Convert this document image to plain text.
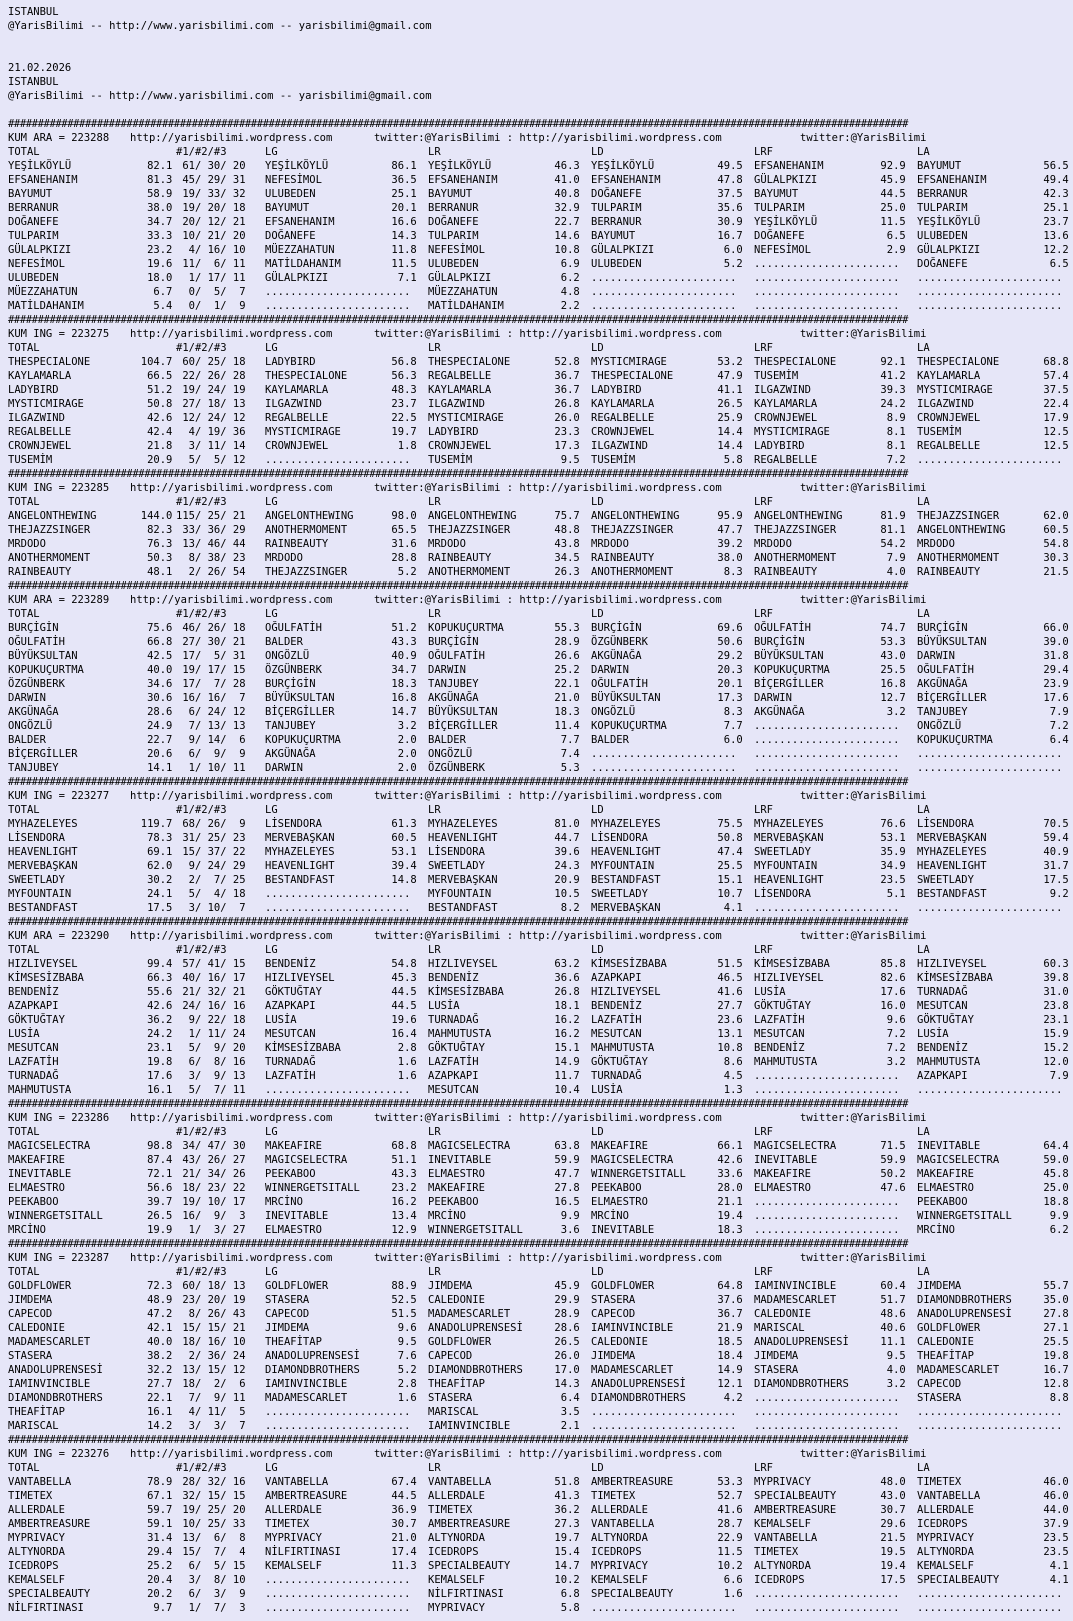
ISTANBUL
@YarisBilimi -- http://www.yarisbilimi.com -- yarisbilimi@gmail.com
21.02.2026
ISTANBUL
@YarisBilimi -- http://www.yarisbilimi.com -- yarisbilimi@gmail.com
########################################################################################################################################################
KUM ARA = 223288 http://yarisbilimi.wordpress.com	twitter:@YarisBilimi : http://yarisbilimi.wordpress.com	twitter:@YarisBilimi
TOTAL	#1/#2/#3	LG	LR	LD	LRF	LA
YEŞİLKÖYLÜ            82.1 61/ 30/ 20 YEŞİLKÖYLÜ          86.1 YEŞİLKÖYLÜ          46.3 YEŞİLKÖYLÜ          49.5 EFSANEHANIM         92.9 BAYUMUT             56.5
EFSANEHANIM           81.3 45/ 29/ 31 NEFESİMOL           36.5 EFSANEHANIM         41.0 EFSANEHANIM         47.8 GÜLALPKIZI          45.9 EFSANEHANIM         49.4
BAYUMUT               58.9 19/ 33/ 32 ULUBEDEN            25.1 BAYUMUT             40.8 DOĞANEFE            37.5 BAYUMUT             44.5 BERRANUR            42.3
BERRANUR              38.0 19/ 20/ 18 BAYUMUT             20.1 BERRANUR            32.9 TULPARIM            35.6 TULPARIM            25.0 TULPARIM            25.1
DOĞANEFE              34.7 20/ 12/ 21 EFSANEHANIM         16.6 DOĞANEFE            22.7 BERRANUR            30.9 YEŞİLKÖYLÜ          11.5 YEŞİLKÖYLÜ          23.7
TULPARIM              33.3 10/ 21/ 20 DOĞANEFE            14.3 TULPARIM            14.6 BAYUMUT             16.7 DOĞANEFE             6.5 ULUBEDEN            13.6
GÜLALPKIZI            23.2 4/ 16/ 10 MÜEZZAHATUN         11.8 NEFESİMOL           10.8 GÜLALPKIZI           6.0 NEFESİMOL            2.9 GÜLALPKIZI          12.2
NEFESİMOL             19.6 11/  6/ 11 MATİLDAHANIM        11.5 ULUBEDEN             6.9 ULUBEDEN             5.2 ....................... DOĞANEFE             6.5
ULUBEDEN              18.0 1/ 17/ 11 GÜLALPKIZI           7.1 GÜLALPKIZI           6.2 ....................... ....................... .......................
MÜEZZAHATUN            6.7 0/  5/  7 ....................... MÜEZZAHATUN          4.8 ....................... ....................... .......................
MATİLDAHANIM           5.4 0/  1/  9 ....................... MATİLDAHANIM         2.2 ....................... ....................... .......................
########################################################################################################################################################
KUM ING = 223275 http://yarisbilimi.wordpress.com	twitter:@YarisBilimi : http://yarisbilimi.wordpress.com	twitter:@YarisBilimi
TOTAL	#1/#2/#3	LG	LR	LD	LRF	LA
THESPECIALONE        104.7 60/ 25/ 18 LADYBIRD            56.8 THESPECIALONE       52.8 MYSTICMIRAGE        53.2 THESPECIALONE       92.1 THESPECIALONE       68.8
KAYLAMARLA            66.5 22/ 26/ 28 THESPECIALONE       56.3 REGALBELLE          36.7 THESPECIALONE       47.9 TUSEMİM             41.2 KAYLAMARLA          57.4
LADYBIRD              51.2 19/ 24/ 19 KAYLAMARLA          48.3 KAYLAMARLA          36.7 LADYBIRD            41.1 ILGAZWIND           39.3 MYSTICMIRAGE        37.5
MYSTICMIRAGE          50.8 27/ 18/ 13 ILGAZWIND           23.7 ILGAZWIND           26.8 KAYLAMARLA          26.5 KAYLAMARLA          24.2 ILGAZWIND           22.4
ILGAZWIND             42.6 12/ 24/ 12 REGALBELLE          22.5 MYSTICMIRAGE        26.0 REGALBELLE          25.9 CROWNJEWEL           8.9 CROWNJEWEL          17.9
REGALBELLE            42.4 4/ 19/ 36 MYSTICMIRAGE        19.7 LADYBIRD            23.3 CROWNJEWEL          14.4 MYSTICMIRAGE         8.1 TUSEMİM             12.5
CROWNJEWEL            21.8 3/ 11/ 14 CROWNJEWEL           1.8 CROWNJEWEL          17.3 ILGAZWIND           14.4 LADYBIRD             8.1 REGALBELLE          12.5
TUSEMİM               20.9 5/  5/ 12 ....................... TUSEMİM              9.5 TUSEMİM              5.8 REGALBELLE           7.2 .......................
########################################################################################################################################################
KUM ING = 223285 http://yarisbilimi.wordpress.com	twitter:@YarisBilimi : http://yarisbilimi.wordpress.com	twitter:@YarisBilimi
TOTAL	#1/#2/#3	LG	LR	LD	LRF	LA
ANGELONTHEWING       144.0 115/ 25/ 21 ANGELONTHEWING      98.0 ANGELONTHEWING      75.7 ANGELONTHEWING      95.9 ANGELONTHEWING      81.9 THEJAZZSINGER       62.0
THEJAZZSINGER         82.3 33/ 36/ 29 ANOTHERMOMENT       65.5 THEJAZZSINGER       48.8 THEJAZZSINGER       47.7 THEJAZZSINGER       81.1 ANGELONTHEWING      60.5
MRDODO                76.3 13/ 46/ 44 RAINBEAUTY          31.6 MRDODO              43.8 MRDODO              39.2 MRDODO              54.2 MRDODO              54.8
ANOTHERMOMENT         50.3 8/ 38/ 23 MRDODO              28.8 RAINBEAUTY          34.5 RAINBEAUTY          38.0 ANOTHERMOMENT        7.9 ANOTHERMOMENT       30.3
RAINBEAUTY            48.1 2/ 26/ 54 THEJAZZSINGER        5.2 ANOTHERMOMENT       26.3 ANOTHERMOMENT        8.3 RAINBEAUTY           4.0 RAINBEAUTY          21.5
########################################################################################################################################################
KUM ARA = 223289 http://yarisbilimi.wordpress.com	twitter:@YarisBilimi : http://yarisbilimi.wordpress.com	twitter:@YarisBilimi
TOTAL	#1/#2/#3	LG	LR	LD	LRF	LA
BURÇİGİN              75.6 46/ 26/ 18 OĞULFATİH           51.2 KOPUKUÇURTMA        55.3 BURÇİGİN            69.6 OĞULFATİH           74.7 BURÇİGİN            66.0
OĞULFATİH             66.8 27/ 30/ 21 BALDER              43.3 BURÇİGİN            28.9 ÖZGÜNBERK           50.6 BURÇİGİN            53.3 BÜYÜKSULTAN         39.0
BÜYÜKSULTAN           42.5 17/  5/ 31 ONGÖZLÜ             40.9 OĞULFATİH           26.6 AKGÜNAĞA            29.2 BÜYÜKSULTAN         43.0 DARWIN              31.8
KOPUKUÇURTMA          40.0 19/ 17/ 15 ÖZGÜNBERK           34.7 DARWIN              25.2 DARWIN              20.3 KOPUKUÇURTMA        25.5 OĞULFATİH           29.4
ÖZGÜNBERK             34.6 17/  7/ 28 BURÇİGİN            18.3 TANJUBEY            22.1 OĞULFATİH           20.1 BİÇERGİLLER         16.8 AKGÜNAĞA            23.9
DARWIN                30.6 16/ 16/  7 BÜYÜKSULTAN         16.8 AKGÜNAĞA            21.0 BÜYÜKSULTAN         17.3 DARWIN              12.7 BİÇERGİLLER         17.6
AKGÜNAĞA              28.6 6/ 24/ 12 BİÇERGİLLER         14.7 BÜYÜKSULTAN         18.3 ONGÖZLÜ              8.3 AKGÜNAĞA             3.2 TANJUBEY             7.9
ONGÖZLÜ               24.9 7/ 13/ 13 TANJUBEY             3.2 BİÇERGİLLER         11.4 KOPUKUÇURTMA         7.7 ....................... ONGÖZLÜ              7.2
BALDER                22.7 9/ 14/  6 KOPUKUÇURTMA         2.0 BALDER               7.7 BALDER               6.0 ....................... KOPUKUÇURTMA         6.4
BİÇERGİLLER           20.6 6/  9/  9 AKGÜNAĞA             2.0 ONGÖZLÜ              7.4 ....................... ....................... .......................
TANJUBEY              14.1 1/ 10/ 11 DARWIN               2.0 ÖZGÜNBERK            5.3 ....................... ....................... .......................
########################################################################################################################################################
KUM ING = 223277 http://yarisbilimi.wordpress.com	twitter:@YarisBilimi : http://yarisbilimi.wordpress.com	twitter:@YarisBilimi
TOTAL	#1/#2/#3	LG	LR	LD	LRF	LA
MYHAZELEYES          119.7 68/ 26/  9 LİSENDORA           61.3 MYHAZELEYES         81.0 MYHAZELEYES         75.5 MYHAZELEYES         76.6 LİSENDORA           70.5
LİSENDORA             78.3 31/ 25/ 23 MERVEBAŞKAN         60.5 HEAVENLIGHT         44.7 LİSENDORA           50.8 MERVEBAŞKAN         53.1 MERVEBAŞKAN         59.4
HEAVENLIGHT           69.1 15/ 37/ 22 MYHAZELEYES         53.1 LİSENDORA           39.6 HEAVENLIGHT         47.4 SWEETLADY           35.9 MYHAZELEYES         40.9
MERVEBAŞKAN           62.0 9/ 24/ 29 HEAVENLIGHT         39.4 SWEETLADY           24.3 MYFOUNTAIN          25.5 MYFOUNTAIN          34.9 HEAVENLIGHT         31.7
SWEETLADY             30.2 2/  7/ 25 BESTANDFAST         14.8 MERVEBAŞKAN         20.9 BESTANDFAST         15.1 HEAVENLIGHT         23.5 SWEETLADY           17.5
MYFOUNTAIN            24.1 5/  4/ 18 ....................... MYFOUNTAIN          10.5 SWEETLADY           10.7 LİSENDORA            5.1 BESTANDFAST          9.2
BESTANDFAST           17.5 3/ 10/  7 ....................... BESTANDFAST          8.2 MERVEBAŞKAN          4.1 ....................... .......................
########################################################################################################################################################
KUM ARA = 223290 http://yarisbilimi.wordpress.com	twitter:@YarisBilimi : http://yarisbilimi.wordpress.com	twitter:@YarisBilimi
TOTAL	#1/#2/#3	LG	LR	LD	LRF	LA
HIZLIVEYSEL           99.4 57/ 41/ 15 BENDENİZ            54.8 HIZLIVEYSEL         63.2 KİMSESİZBABA        51.5 KİMSESİZBABA        85.8 HIZLIVEYSEL         60.3
KİMSESİZBABA          66.3 40/ 16/ 17 HIZLIVEYSEL         45.3 BENDENİZ            36.6 AZAPKAPI            46.5 HIZLIVEYSEL         82.6 KİMSESİZBABA        39.8
BENDENİZ              55.6 21/ 32/ 21 GÖKTUĞTAY           44.5 KİMSESİZBABA        26.8 HIZLIVEYSEL         41.6 LUSİA               17.6 TURNADAĞ            31.0
AZAPKAPI              42.6 24/ 16/ 16 AZAPKAPI            44.5 LUSİA               18.1 BENDENİZ            27.7 GÖKTUĞTAY           16.0 MESUTCAN            23.8
GÖKTUĞTAY             36.2 9/ 22/ 18 LUSİA               19.6 TURNADAĞ            16.2 LAZFATİH            23.6 LAZFATİH             9.6 GÖKTUĞTAY           23.1
LUSİA                 24.2 1/ 11/ 24 MESUTCAN            16.4 MAHMUTUSTA          16.2 MESUTCAN            13.1 MESUTCAN             7.2 LUSİA               15.9
MESUTCAN              23.1 5/  9/ 20 KİMSESİZBABA         2.8 GÖKTUĞTAY           15.1 MAHMUTUSTA          10.8 BENDENİZ             7.2 BENDENİZ            15.2
LAZFATİH              19.8 6/  8/ 16 TURNADAĞ             1.6 LAZFATİH            14.9 GÖKTUĞTAY            8.6 MAHMUTUSTA           3.2 MAHMUTUSTA          12.0
TURNADAĞ              17.6 3/  9/ 13 LAZFATİH             1.6 AZAPKAPI            11.7 TURNADAĞ             4.5 ....................... AZAPKAPI             7.9
MAHMUTUSTA            16.1 5/  7/ 11 ....................... MESUTCAN            10.4 LUSİA                1.3 ....................... .......................
########################################################################################################################################################
KUM ING = 223286 http://yarisbilimi.wordpress.com	twitter:@YarisBilimi : http://yarisbilimi.wordpress.com	twitter:@YarisBilimi
TOTAL	#1/#2/#3	LG	LR	LD	LRF	LA
MAGICSELECTRA         98.8 34/ 47/ 30 MAKEAFIRE           68.8 MAGICSELECTRA       63.8 MAKEAFIRE           66.1 MAGICSELECTRA       71.5 INEVITABLE          64.4
MAKEAFIRE             87.4 43/ 26/ 27 MAGICSELECTRA       51.1 INEVITABLE          59.9 MAGICSELECTRA       42.6 INEVITABLE          59.9 MAGICSELECTRA       59.0
INEVITABLE            72.1 21/ 34/ 26 PEEKABOO            43.3 ELMAESTRO           47.7 WINNERGETSITALL     33.6 MAKEAFIRE           50.2 MAKEAFIRE           45.8
ELMAESTRO             56.6 18/ 23/ 22 WINNERGETSITALL     23.2 MAKEAFIRE           27.8 PEEKABOO            28.0 ELMAESTRO           47.6 ELMAESTRO           25.0
PEEKABOO              39.7 19/ 10/ 17 MRCİNO              16.2 PEEKABOO            16.5 ELMAESTRO           21.1 ....................... PEEKABOO            18.8
WINNERGETSITALL       26.5 16/  9/  3 INEVITABLE          13.4 MRCİNO               9.9 MRCİNO              19.4 ....................... WINNERGETSITALL      9.9
MRCİNO                19.9 1/  3/ 27 ELMAESTRO           12.9 WINNERGETSITALL      3.6 INEVITABLE          18.3 ....................... MRCİNO               6.2
########################################################################################################################################################
KUM ING = 223287 http://yarisbilimi.wordpress.com	twitter:@YarisBilimi : http://yarisbilimi.wordpress.com	twitter:@YarisBilimi
TOTAL	#1/#2/#3	LG	LR	LD	LRF	LA
GOLDFLOWER            72.3 60/ 18/ 13 GOLDFLOWER          88.9 JIMDEMA             45.9 GOLDFLOWER          64.8 IAMINVINCIBLE       60.4 JIMDEMA             55.7
JIMDEMA               48.9 23/ 20/ 19 STASERA             52.5 CALEDONIE           29.9 STASERA             37.6 MADAMESCARLET       51.7 DIAMONDBROTHERS     35.0
CAPECOD               47.2 8/ 26/ 43 CAPECOD             51.5 MADAMESCARLET       28.9 CAPECOD             36.7 CALEDONIE           48.6 ANADOLUPRENSESİ     27.8
CALEDONIE             42.1 15/ 15/ 21 JIMDEMA              9.6 ANADOLUPRENSESİ     28.6 IAMINVINCIBLE       21.9 MARISCAL            40.6 GOLDFLOWER          27.1
MADAMESCARLET         40.0 18/ 16/ 10 THEAFİTAP            9.5 GOLDFLOWER          26.5 CALEDONIE           18.5 ANADOLUPRENSESİ     11.1 CALEDONIE           25.5
STASERA               38.2 2/ 36/ 24 ANADOLUPRENSESİ      7.6 CAPECOD             26.0 JIMDEMA             18.4 JIMDEMA              9.5 THEAFİTAP           19.8
ANADOLUPRENSESİ       32.2 13/ 15/ 12 DIAMONDBROTHERS      5.2 DIAMONDBROTHERS     17.0 MADAMESCARLET       14.9 STASERA              4.0 MADAMESCARLET       16.7
IAMINVINCIBLE         27.7 18/  2/  6 IAMINVINCIBLE        2.8 THEAFİTAP           14.3 ANADOLUPRENSESİ     12.1 DIAMONDBROTHERS      3.2 CAPECOD             12.8
DIAMONDBROTHERS       22.1 7/  9/ 11 MADAMESCARLET        1.6 STASERA              6.4 DIAMONDBROTHERS      4.2 ....................... STASERA              8.8
THEAFİTAP             16.1 4/ 11/  5 ....................... MARISCAL             3.5 ....................... ....................... .......................
MARISCAL              14.2 3/  3/  7 ....................... IAMINVINCIBLE        2.1 ....................... ....................... .......................
########################################################################################################################################################
KUM ING = 223276 http://yarisbilimi.wordpress.com	twitter:@YarisBilimi : http://yarisbilimi.wordpress.com	twitter:@YarisBilimi
TOTAL	#1/#2/#3	LG	LR	LD	LRF	LA
VANTABELLA            78.9 28/ 32/ 16 VANTABELLA          67.4 VANTABELLA          51.8 AMBERTREASURE       53.3 MYPRIVACY           48.0 TIMETEX             46.0
TIMETEX               67.1 32/ 15/ 15 AMBERTREASURE       44.5 ALLERDALE           41.3 TIMETEX             52.7 SPECIALBEAUTY       43.0 VANTABELLA          46.0
ALLERDALE             59.7 19/ 25/ 20 ALLERDALE           36.9 TIMETEX             36.2 ALLERDALE           41.6 AMBERTREASURE       30.7 ALLERDALE           44.0
AMBERTREASURE         59.1 10/ 25/ 33 TIMETEX             30.7 AMBERTREASURE       27.3 VANTABELLA          28.7 KEMALSELF           29.6 ICEDROPS            37.9
MYPRIVACY             31.4 13/  6/  8 MYPRIVACY           21.0 ALTYNORDA           19.7 ALTYNORDA           22.9 VANTABELLA          21.5 MYPRIVACY           23.5
ALTYNORDA             29.4 15/  7/  4 NİLFIRTINASI        17.4 ICEDROPS            15.4 ICEDROPS            11.5 TIMETEX             19.5 ALTYNORDA           23.5
ICEDROPS              25.2 6/  5/ 15 KEMALSELF           11.3 SPECIALBEAUTY       14.7 MYPRIVACY           10.2 ALTYNORDA           19.4 KEMALSELF            4.1
KEMALSELF             20.4 3/  8/ 10 ....................... KEMALSELF           10.2 KEMALSELF            6.6 ICEDROPS            17.5 SPECIALBEAUTY        4.1
SPECIALBEAUTY         20.2 6/  3/  9 ....................... NİLFIRTINASI         6.8 SPECIALBEAUTY        1.6 ....................... .......................
NİLFIRTINASI           9.7 1/  7/  3 ....................... MYPRIVACY            5.8 ....................... ....................... .......................
